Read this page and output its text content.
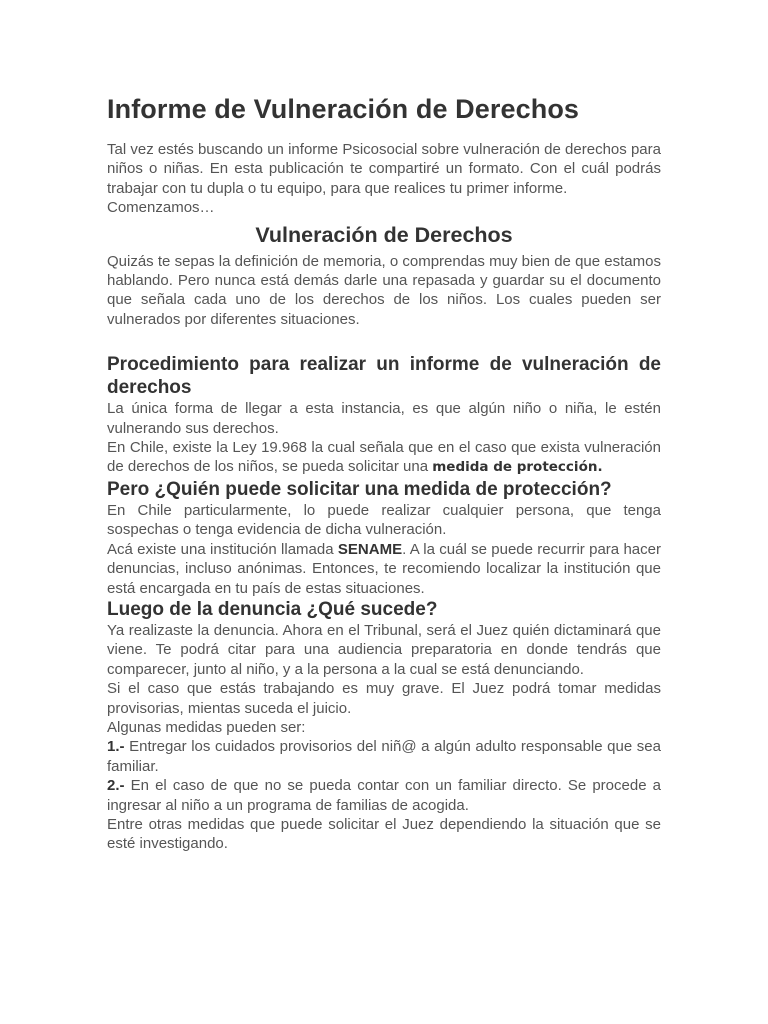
Informe de Vulneración de Derechos

Tal vez estés buscando un informe Psicosocial sobre vulneración de derechos para niños o niñas. En esta publicación te compartiré un formato. Con el cuál podrás trabajar con tu dupla o tu equipo, para que realices tu primer informe.

Comenzamos…

Vulneración de Derechos

Quizás te sepas la definición de memoria, o comprendas muy bien de que estamos hablando. Pero nunca está demás darle una repasada y guardar su el documento que señala cada uno de los derechos de los niños. Los cuales pueden ser vulnerados por diferentes situaciones.

Procedimiento para realizar un informe de vulneración de derechos

La única forma de llegar a esta instancia, es que algún niño o niña, le estén vulnerando sus derechos.

En Chile, existe la Ley 19.968 la cual señala que en el caso que exista vulneración de derechos de los niños, se pueda solicitar una medida de protección.

Pero ¿Quién puede solicitar una medida de protección?

En Chile particularmente, lo puede realizar cualquier persona, que tenga sospechas o tenga evidencia de dicha vulneración.

Acá existe una institución llamada SENAME. A la cuál se puede recurrir para hacer denuncias, incluso anónimas. Entonces, te recomiendo localizar la institución que está encargada en tu país de estas situaciones.

Luego de la denuncia ¿Qué sucede?

Ya realizaste la denuncia. Ahora en el Tribunal, será el Juez quién dictaminará que viene. Te podrá citar para una audiencia preparatoria en donde tendrás que comparecer, junto al niño, y a la persona a la cual se está denunciando.

Si el caso que estás trabajando es muy grave. El Juez podrá tomar medidas provisorias, mientas suceda el juicio.

Algunas medidas pueden ser:

1.- Entregar los cuidados provisorios del niñ@ a algún adulto responsable que sea familiar.

2.- En el caso de que no se pueda contar con un familiar directo. Se procede a ingresar al niño a un programa de familias de acogida.

Entre otras medidas que puede solicitar el Juez dependiendo la situación que se esté investigando.
